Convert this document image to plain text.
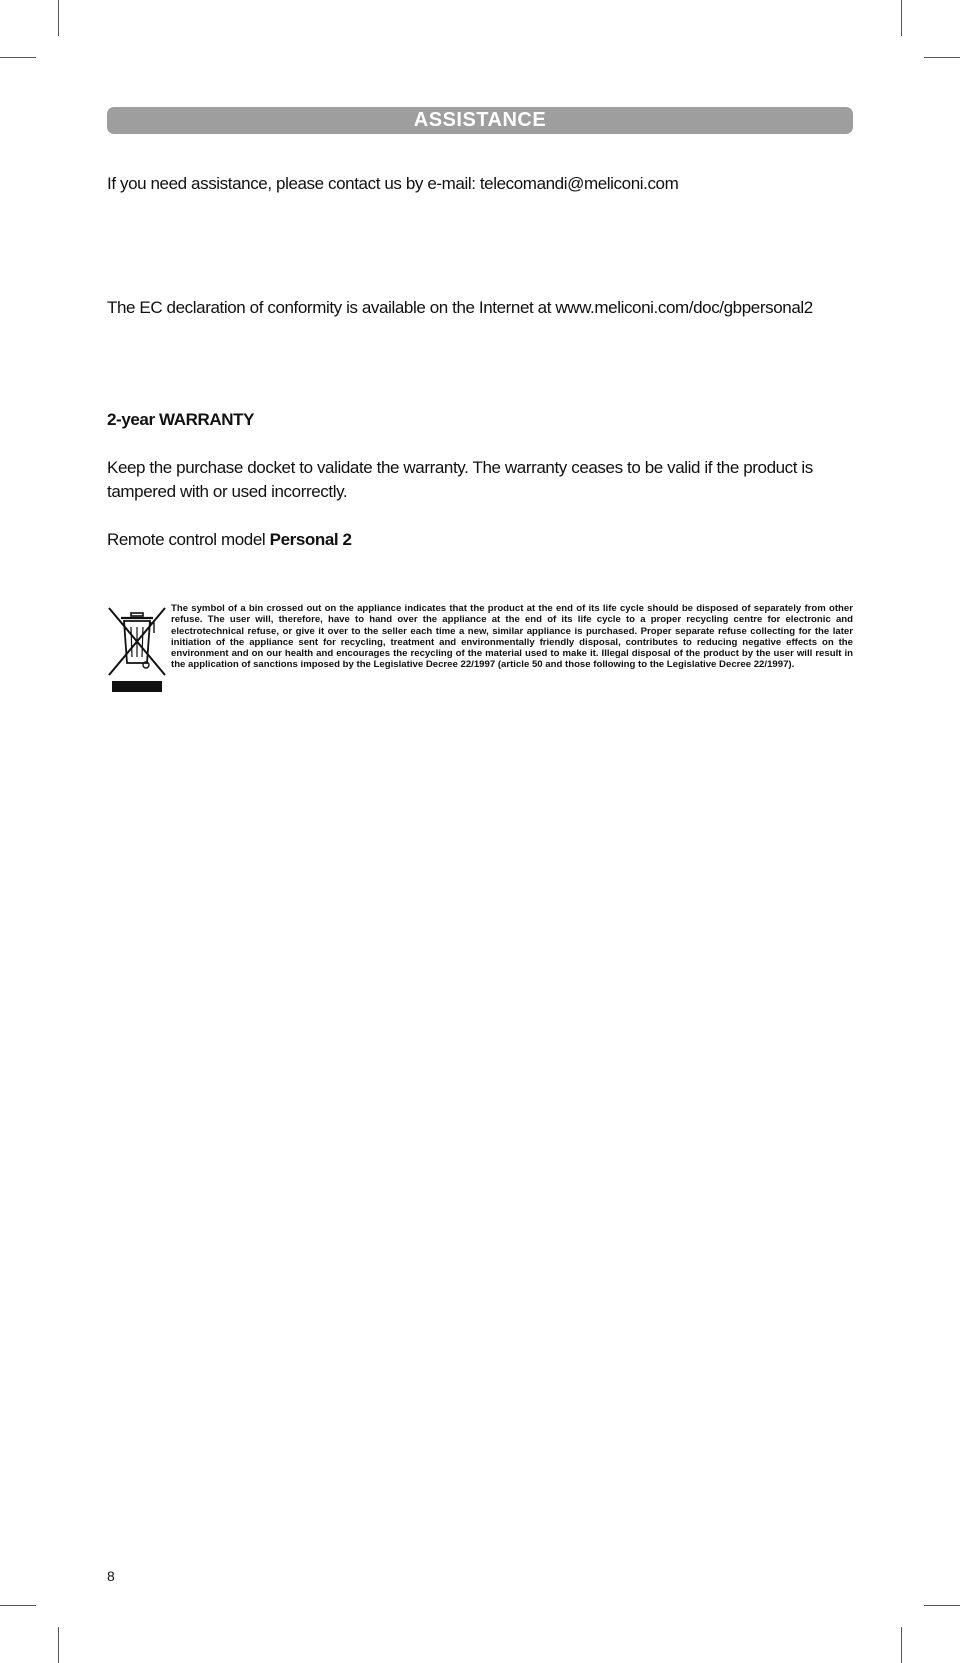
ASSISTANCE

If you need assistance, please contact us by e-mail: telecomandi@meliconi.com

The EC declaration of conformity is available on the Internet at www.meliconi.com/doc/gbpersonal2

2-year WARRANTY

Keep the purchase docket to validate the warranty. The warranty ceases to be valid if the product is tampered with or used incorrectly.

Remote control model Personal 2

The symbol of a bin crossed out on the appliance indicates that the product at the end of its life cycle should be disposed of separately from other refuse. The user will, therefore, have to hand over the appliance at the end of its life cycle to a proper recycling centre for electronic and electrotechnical refuse, or give it over to the seller each time a new, similar appliance is purchased. Proper separate refuse collecting for the later initiation of the appliance sent for recycling, treatment and environmentally friendly disposal, contributes to reducing negative effects on the environment and on our health and encourages the recycling of the material used to make it. Illegal disposal of the product by the user will result in the application of sanctions imposed by the Legislative Decree 22/1997 (article 50 and those following to the Legislative Decree 22/1997).

8
